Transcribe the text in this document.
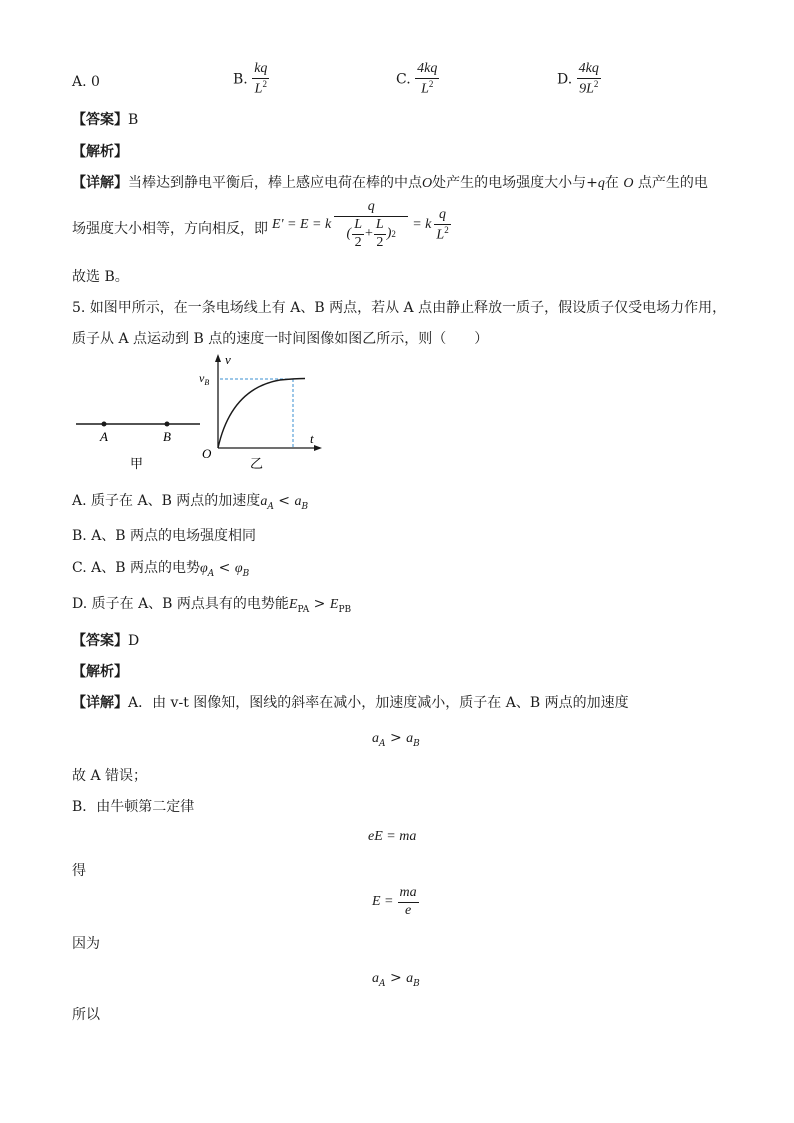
A. 0	B. $\frac{kq}{L^2}$	C. $\frac{4kq}{L^2}$	D. $\frac{4kq}{9L^2}$
【答案】B
【解析】
【详解】当棒达到静电平衡后，棒上感应电荷在棒的中点O处产生的电场强度大小与+q在 O 点产生的电
场强度大小相等，方向相反，即 E' = E = k $\frac{q}{( \frac{L}{2} + \frac{L}{2} ) 2} = k \frac{q}{L^2}$
故选 B。
5. 如图甲所示，在一条电场线上有 A、B 两点，若从 A 点由静止释放一质子，假设质子仅受电场力作用，
质子从 A 点运动到 B 点的速度一时间图像如图乙所示，则（　　）
A	B
甲
v
$v_B$
t
O
乙
A. 质子在 A、B 两点的加速度$a_A < a_B$
B. A、B 两点的电场强度相同
C. A、B 两点的电势$\varphi_A < \varphi_B$
D. 质子在 A、B 两点具有的电势能$E_{PA} > E_{PB}$
【答案】D
【解析】
【详解】A．由 v-t 图像知，图线的斜率在减小，加速度减小，质子在 A、B 两点的加速度
$a_A > a_B$
故 A 错误；
B．由牛顿第二定律
eE = ma
得
$E = \frac{ma}{e}$
因为
$a_A > a_B$
所以
